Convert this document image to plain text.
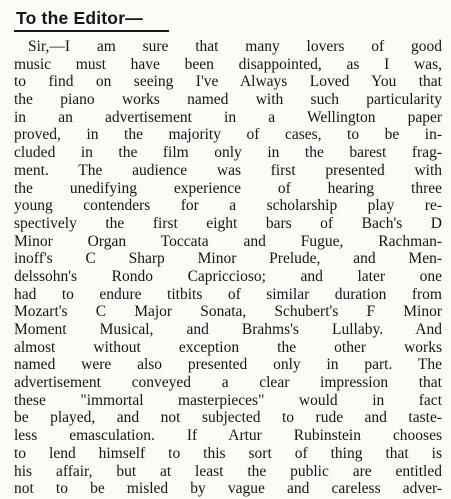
To the Editor—
Sir,—I am sure that many lovers of good
music must have been disappointed, as I was,
to find on seeing I've Always Loved You that
the piano works named with such particularity
in an advertisement in a Wellington paper
proved, in the majority of cases, to be in-
cluded in the film only in the barest frag-
ment. The audience was first presented with
the unedifying experience of hearing three
young contenders for a scholarship play re-
spectively the first eight bars of Bach's D
Minor Organ Toccata and Fugue, Rachman-
inoff's C Sharp Minor Prelude, and Men-
delssohn's Rondo Capriccioso; and later one
had to endure titbits of similar duration from
Mozart's C Major Sonata, Schubert's F Minor
Moment Musical, and Brahms's Lullaby. And
almost without exception the other works
named were also presented only in part. The
advertisement conveyed a clear impression that
these "immortal masterpieces" would in fact
be played, and not subjected to rude and taste-
less emasculation. If Artur Rubinstein chooses
to lend himself to this sort of thing that is
his affair, but at least the public are entitled
not to be misled by vague and careless adver-
